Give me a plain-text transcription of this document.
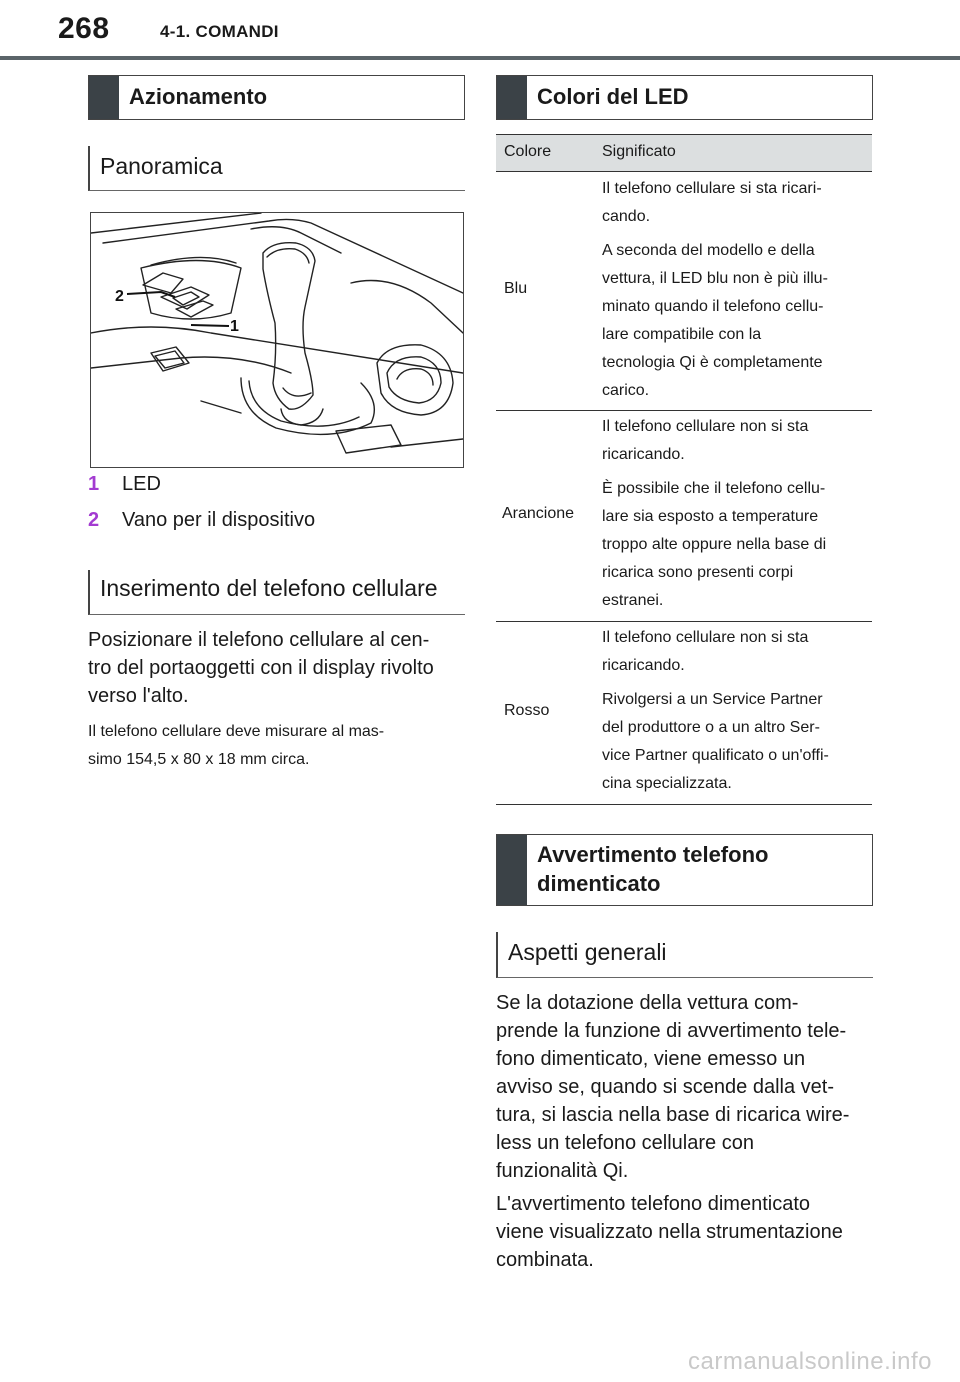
268	4-1. COMANDI
Azionamento
Panoramica
2
1
1 LED
2 Vano per il dispositivo
Inserimento del telefono cellulare
Posizionare il telefono cellulare al cen-
tro del portaoggetti con il display rivolto
verso l'alto.
Il telefono cellulare deve misurare al mas-
simo 154,5 x 80 x 18 mm circa.
Colori del LED
Colore	Significato
Blu
Il telefono cellulare si sta ricari-
cando.
A seconda del modello e della
vettura, il LED blu non è più illu-
minato quando il telefono cellu-
lare compatibile con la
tecnologia Qi è completamente
carico.
Arancione
Il telefono cellulare non si sta
ricaricando.
È possibile che il telefono cellu-
lare sia esposto a temperature
troppo alte oppure nella base di
ricarica sono presenti corpi
estranei.
Rosso
Il telefono cellulare non si sta
ricaricando.
Rivolgersi a un Service Partner
del produttore o a un altro Ser-
vice Partner qualificato o un'offi-
cina specializzata.
Avvertimento telefono
dimenticato
Aspetti generali
Se la dotazione della vettura com-
prende la funzione di avvertimento tele-
fono dimenticato, viene emesso un
avviso se, quando si scende dalla vet-
tura, si lascia nella base di ricarica wire-
less un telefono cellulare con
funzionalità Qi.
L'avvertimento telefono dimenticato
viene visualizzato nella strumentazione
combinata.
carmanualsonline.info
